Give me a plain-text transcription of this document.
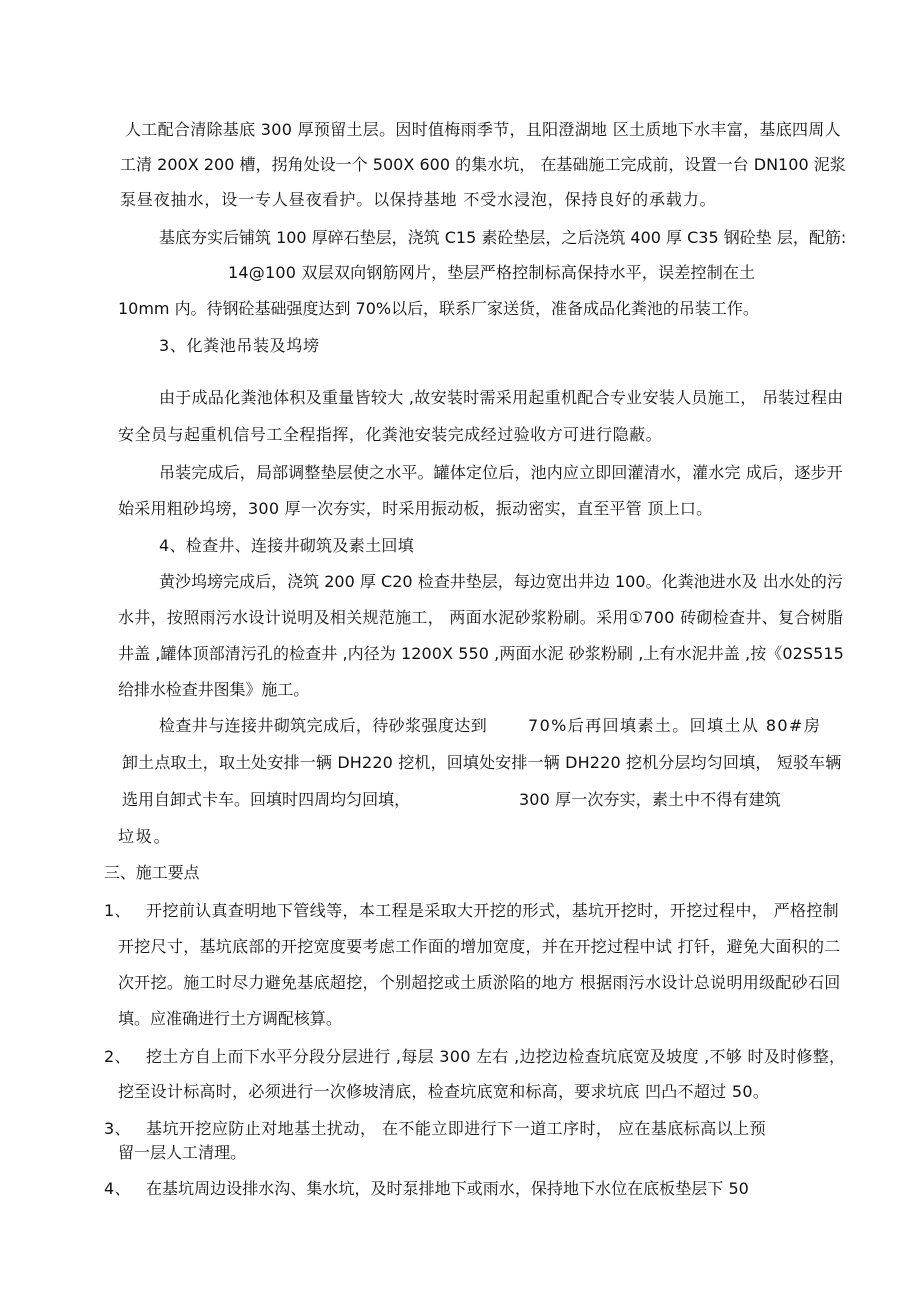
人工配合清除基底 300 厚预留土层。因时值梅雨季节，且阳澄湖地 区土质地下水丰富，基底四周人
工清 200X 200 槽，拐角处设一个 500X 600 的集水坑， 在基础施工完成前，设置一台 DN100 泥浆
泵昼夜抽水，设一专人昼夜看护。以保持基地 不受水浸泡，保持良好的承载力。
基底夯实后铺筑 100 厚碎石垫层，浇筑 C15 素砼垫层，之后浇筑 400 厚 C35 钢砼垫 层，配筋:
14@100 双层双向钢筋网片，垫层严格控制标高保持水平，误差控制在土
10mm 内。待钢砼基础强度达到 70%以后，联系厂家送货，准备成品化粪池的吊装工作。
3、化粪池吊装及坞塝
由于成品化粪池体积及重量皆较大 ,故安装时需采用起重机配合专业安装人员施工， 吊装过程由
安全员与起重机信号工全程指挥，化粪池安装完成经过验收方可进行隐蔽。
吊装完成后，局部调整垫层使之水平。罐体定位后，池内应立即回灌清水，灌水完 成后，逐步开
始采用粗砂坞塝，300 厚一次夯实，时采用振动板，振动密实，直至平管 顶上口。
4、检查井、连接井砌筑及素土回填
黄沙坞塝完成后，浇筑 200 厚 C20 检查井垫层，每边宽出井边 100。化粪池进水及 出水处的污
水井，按照雨污水设计说明及相关规范施工， 两面水泥砂浆粉刷。采用①700 砖砌检查井、复合树脂
井盖 ,罐体顶部清污孔的检查井 ,内径为 1200X 550 ,两面水泥 砂浆粉刷 ,上有水泥井盖 ,按《02S515
给排水检查井图集》施工。
检查井与连接井砌筑完成后，待砂浆强度达到	70%后再回填素土。回填土从 80#房
卸土点取土，取土处安排一辆 DH220 挖机，回填处安排一辆 DH220 挖机分层均匀回填， 短驳车辆
选用自卸式卡车。回填时四周均匀回填，	300 厚一次夯实，素土中不得有建筑
垃圾。
三、施工要点
1、 开挖前认真查明地下管线等，本工程是采取大开挖的形式，基坑开挖时，开挖过程中， 严格控制
开挖尺寸，基坑底部的开挖宽度要考虑工作面的增加宽度，并在开挖过程中试 打钎，避免大面积的二
次开挖。施工时尽力避免基底超挖，个别超挖或土质淤陷的地方 根据雨污水设计总说明用级配砂石回
填。应准确进行土方调配核算。
2、 挖土方自上而下水平分段分层进行 ,每层 300 左右 ,边挖边检查坑底宽及坡度 ,不够 时及时修整，
挖至设计标高时，必须进行一次修坡清底，检查坑底宽和标高，要求坑底 凹凸不超过 50。
3、 基坑开挖应防止对地基土扰动， 在不能立即进行下一道工序时， 应在基底标高以上预
留一层人工清理。
4、 在基坑周边设排水沟、集水坑，及时泵排地下或雨水，保持地下水位在底板垫层下 50
